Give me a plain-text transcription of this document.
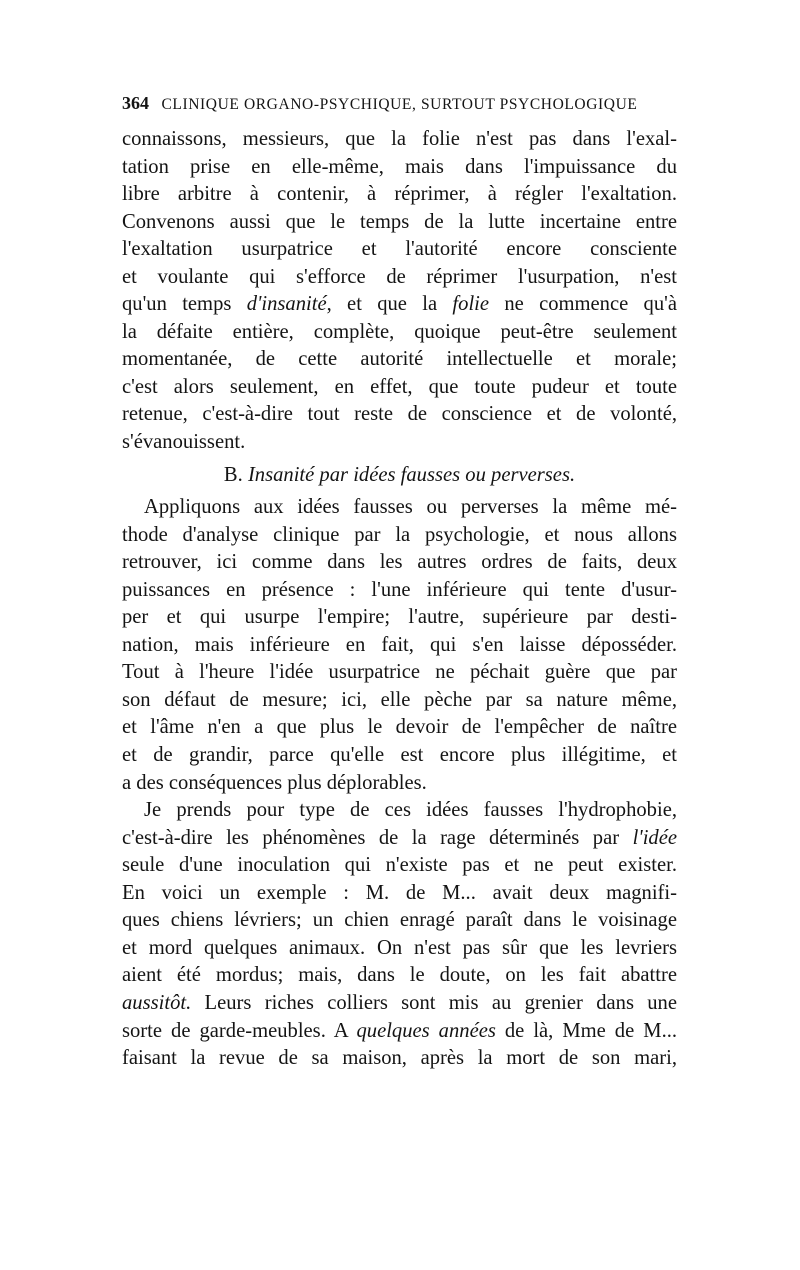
364 CLINIQUE ORGANO-PSYCHIQUE, SURTOUT PSYCHOLOGIQUE
connaissons, messieurs, que la folie n'est pas dans l'exal-
tation prise en elle-même, mais dans l'impuissance du
libre arbitre à contenir, à réprimer, à régler l'exaltation.
Convenons aussi que le temps de la lutte incertaine entre
l'exaltation usurpatrice et l'autorité encore consciente
et voulante qui s'efforce de réprimer l'usurpation, n'est
qu'un temps d'insanité, et que la folie ne commence qu'à
la défaite entière, complète, quoique peut-être seulement
momentanée, de cette autorité intellectuelle et morale;
c'est alors seulement, en effet, que toute pudeur et toute
retenue, c'est-à-dire tout reste de conscience et de volonté,
s'évanouissent.
B. Insanité par idées fausses ou perverses.
Appliquons aux idées fausses ou perverses la même mé-
thode d'analyse clinique par la psychologie, et nous allons
retrouver, ici comme dans les autres ordres de faits, deux
puissances en présence : l'une inférieure qui tente d'usur-
per et qui usurpe l'empire; l'autre, supérieure par desti-
nation, mais inférieure en fait, qui s'en laisse déposséder.
Tout à l'heure l'idée usurpatrice ne péchait guère que par
son défaut de mesure; ici, elle pèche par sa nature même,
et l'âme n'en a que plus le devoir de l'empêcher de naître
et de grandir, parce qu'elle est encore plus illégitime, et
a des conséquences plus déplorables.
Je prends pour type de ces idées fausses l'hydrophobie,
c'est-à-dire les phénomènes de la rage déterminés par l'idée
seule d'une inoculation qui n'existe pas et ne peut exister.
En voici un exemple : M. de M... avait deux magnifi-
ques chiens lévriers; un chien enragé paraît dans le voisinage
et mord quelques animaux. On n'est pas sûr que les levriers
aient été mordus; mais, dans le doute, on les fait abattre
aussitôt. Leurs riches colliers sont mis au grenier dans une
sorte de garde-meubles. A quelques années de là, Mme de M...
faisant la revue de sa maison, après la mort de son mari,
